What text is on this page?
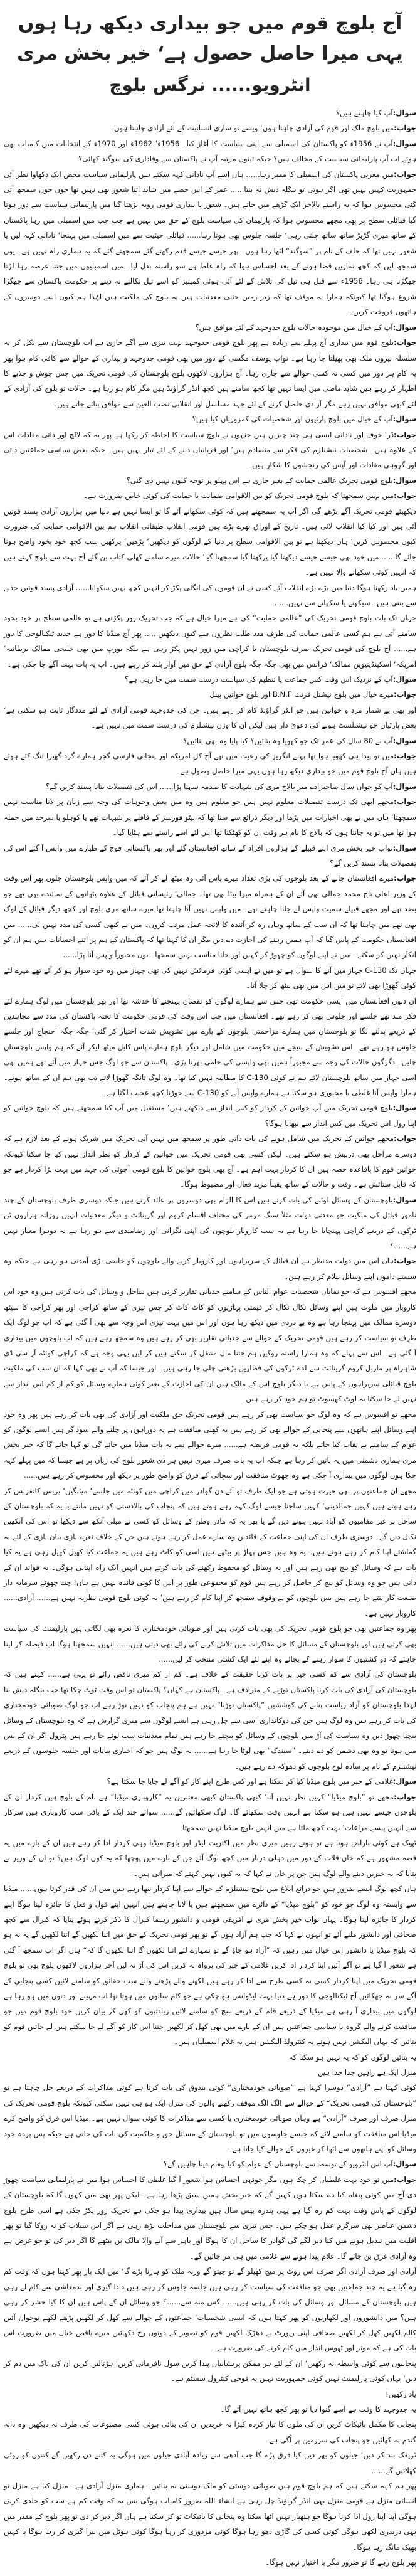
آج بلوچ قوم میں جو بیداری دیکھ رہا ہوں یہی میرا حاصل حصول ہے‘ خیر بخش مری
انٹرویو...... نرگس بلوچ

سوال:آپ کیا چاہتے ہیں؟

جواب:میں بلوچ ملک اور قوم کی آزادی چاہتا ہوں‘ ویسے تو ساری انسانیت کے لئے آزادی چاہتا ہوں۔

سوال:آپ نے 1956ء کو پاکستان کی اسمبلی سے اپنی سیاست کا آغاز کیا۔ 1956ء‘ 1962ء اور 1970ء کے انتخابات میں کامیاب بھی ہوئے اب آپ پارلیمانی سیاست کے مخالف ہیں؟ جبکہ تینوں مرتبہ آپ نے پاکستان سے وفاداری کی سوگند کھائی؟

جواب:میں مغربی پاکستان کی اسمبلی کا ممبر رہا...... ہاں اسے آپ نادانی کہہ سکتے ہیں پارلیمانی سیاست محض ایک دکھاوا نظر آئی جمہوریت کہیں نہیں تھی اگر ہوتی تو بنگلہ دیش نہ بنتا...... عمر کے اس حصے میں شاید اتنا شعور بھی نہیں تھا جوں جوں سمجھ آتی گئی محسوس ہوا کہ یہ راستے بالآخر ایک گڑھے میں جاتے ہیں۔ شعور یا بیداری قومی رویہ بڑھتا گیا میں پارلیمانی سیاست سے دور ہوتا گیا قبائلی سطح پر بھی مجھے محسوس ہوا کہ پارلیمان کی سیاست بلوچ کے حق میں نہیں ہے جب جب میں اسمبلی میں رہا پاکستان کے ساتھ میری گڑبڑ ساتھ ساتھ چلتی رہی‘ جلسہ جلوس بھی ہوتا رہا...... قبائلی حیثیت سے میں اسمبلی میں پہنچا‘ نادانی کہہ لیں یا شعور نہیں تھا کہ حلف کے نام پر ”سوگند“ اٹھا رہا ہوں۔ پھر جیسے جیسے قدم رکھتے گئے سمجھتے گئے کہ یہ ہماری راہ نہیں ہے۔ یوں سمجھ لیں کہ کچھ نمازیں قضا ہونے کے بعد احساس ہوا کہ راہ غلط ہے سو راستہ بدل لیا۔ میں اسمبلیوں میں جتنا عرصہ رہا لڑتا جھگڑتا ہی رہا۔ 1956ء سے قبل ہی تیل کی تلاش کے لئے آئی ہوئی کمپنیز کو اسے تیل نکالنے نہ دینے پر حکومت پاکستان سے جھگڑا شروع ہوگیا تھا کیونکہ ہمارا یہ موقف تھا کہ زیر زمین جتنی معدنیات ہیں یہ بلوچ کی ملکیت ہیں لہٰذا ہم کیوں اسے دوسروں کے ہاتھوں فروخت کریں۔

سوال:آپ کے خیال میں موجودہ حالات بلوچ جدوجہد کے لئے موافق ہیں؟

جواب:بلوچ قوم میں بیداری آج پہلے سے زیادہ ہے پھر بلوچ قومی جدوجہد بہت تیزی سے آگے جاری ہے اب بلوچستان سے نکل کر یہ سلسلہ بیرون ملک بھی پھیلتا جا رہا ہے۔ نواب یوسف مگسی کے دور میں بھی قومی جدوجہد و بیداری کے حوالے سے کافی کام ہوا پھر یہ کام ہر دور میں کسی نہ کسی حوالے سے جاری رہا۔ آج ہزاروں لاکھوں بلوچ بلوچستان کی قومی تحریک میں جس جوش و جذبے کا اظہار کر رہے ہیں شاید ماضی میں ایسا نہیں تھا کچھ سامنے ہیں کچھ انڈر گراؤنڈ ہیں مگر کام ہو رہا ہے۔ حالات تو بلوچ کی آزادی کے لئے کبھی موافق نہیں رہے مگر آزادی حاصل کرنے کے لئے جہد مسلسل اور انقلابی نصب العین سے موافق بنائے جاتے ہیں۔

سوال:آپ کے خیال میں بلوچ پارٹیوں اور شخصیات کی کمزوریاں کیا ہیں؟

جواب:ڈر‘ خوف اور نادانی ایسی ہی چند چیزیں ہیں جنہوں نے بلوچ سیاست کا احاطہ کر رکھا ہے پھر یہ کہ لالچ اور ذاتی مفادات اس کے علاوہ ہیں۔ شخصیات نیشنلزم کی فکر سے متصادم ہیں‘ اور قربانیاں دینے کے لئے تیار نہیں ہیں۔ جبکہ بعض سیاسی جماعتیں ذاتی اور گروہی مفادات اور آپس کی رنجشوں کا شکار ہیں۔

سوال:بلوچ قومی تحریک عالمی حمایت کے بغیر جاری ہے اس پہلو پر توجہ کیوں نہیں دی گئی؟

جواب:میں نہیں سمجھتا کہ بلوچ قومی تحریک کو بین الاقوامی ضمانت یا حمایت کی کوئی خاص ضرورت ہے۔

دیکھیئے قومی تحریک آگے بڑھے گی اگر آپ یہ سمجھتے ہیں کہ کوئی سکھانے آئے گا تو ایسا نہیں ہے دنیا میں ہزاروں آزادی پسند قوتیں آئی ہیں اور کیا کیا انقلاب لائی ہیں۔ تاریخ کے اوراق بھرے پڑے ہیں قومی انقلاب طبقاتی انقلاب ہم بین الاقوامی حمایت کی ضرورت کیوں محسوس کریں‘ ہاں دیکھنا ہے تو بین الاقوامی سطح پر دنیا کے لوگوں کو دیکھیں‘ پڑھیں‘ پرکھیں سب کچھ خود بخود واضح ہوتا جائے گا...... میں خود بھی جیسے جیسے دیکھتا گیا پرکھتا گیا سمجھتا گیا‘ حالات میرے سامنے کھلی کتاب بن گئے آج بہت سے بلوچ کہتے ہیں کہ انہیں کوئی سکھانے والا نہیں ہے۔

ہمیں یاد رکھنا ہوگا دنیا میں بڑے بڑے انقلاب آئے کسی نے ان قوموں کی انگلی پکڑ کر انہیں کچھ نہیں سکھایا...... آزادی پسند قوتیں جذبے سے بنتی ہیں۔ سیکھنے یا سکھانے سے نہیں......

جہاں تک بات بلوچ قومی تحریک کی ”عالمی حمایت“ کی ہے میرا خیال ہے کہ جب تحریک زور پکڑتی ہے تو عالمی سطح پر خود بخود سامنے آتی ہے ہم کسی عالمی حمایت کی طرف مدد طلب نظروں سے کیوں دیکھیں...... پھر آج میڈیا کا دور ہے جدید ٹیکنالوجی کا دور ہے...... آج بلوچ کی قومی تحریک صرف بلوچستان یا کراچی میں زور نہیں پکڑ رہی ہے بلکہ یورپ میں بھی خلیجی ممالک برطانیہ‘ امریکہ‘ اسکینڈینیوین ممالک‘ فرانس میں بھی جگہ جگہ بلوچ آزادی کے حق میں آواز بلند کر رہے ہیں۔ اب یہ بات بہت آگے جا چکی ہے۔

سوال:آپ کے نزدیک اس وقت کس جماعت یا تنظیم کی سیاست درست سمت میں جا رہی ہے؟

جواب:میرے خیال میں بلوچ نیشنل فرنٹ B.N.F اور بلوچ خواتین پینل

اور بھی بے شمار مرد و خواتین ہیں جو انڈر گراؤنڈ کام کر رہے ہیں۔ جن کی جدوجہد قومی آزادی کے لئے مددگار ثابت ہو سکتی ہے‘ بعض پارٹیاں جو نیشنلسٹ ہونے کی دعویٰ دار ہیں لیکن ان کا وژن نیشنلزم کی درست سمت میں نہیں ہے۔

سوال:آپ نے 80 سال کی عمر تک جو کھویا وہ بتائیں؟ کیا پایا وہ بھی بتائیں؟

جواب:میں تو پیدا ہی کھویا ہوا تھا پہلے انگریز کی رعیت میں تھے آج کل امریکہ اور پنجابی فارسی گجر ہمارے گرد گھیرا تنگ کئے ہوئے ہیں ہاں آج بلوچ قوم میں جو بیداری دیکھ رہا ہوں یہی میرا حاصل وصول ہے۔

سوال:آپ کو جواں سال صاحبزادے میر بالاچ مری کی شہادت کا صدمہ سہنا پڑا...... اس کی تفصیلات بتانا پسند کریں گے؟

جواب:مجھے ابھی تک درست تفصیلات معلوم نہیں ہیں جو معلوم ہیں وہ میں بعض وجوہات کی وجہ سے زبان پر لانا مناسب نہیں سمجھتا‘ ہاں میں نے بھی اخبارات میں پڑھا اور دیگر ذرائع سے سنا تھا کہ نیٹو فورسز کے قافلے پر شبہات تھے یا کوہلو یا سرحد میں حملہ ہوا تھا میں تو یہ جانتا ہوں کہ بالاچ کا نام ہر وقت ان کو کھٹکتا تھا اس لئے اسے راستے سے ہٹایا گیا۔

سوال:نواب خیر بخش مری اپنے قبیلے کے ہزاروں افراد کے ساتھ افغانستان گئے اور پھر پاکستانی فوج کے طیارے میں واپس آ گئے اس کی تفصیلات بتانا پسند کریں گے؟

جواب:میرے افغانستان جانے کے بعد بلوچوں کی بڑی تعداد میرے پاس آئی وہ میٹھ لے کر آئے کہ میں واپس بلوچستان چلوں پھر اس وقت کے وزیر اعلیٰ تاج محمد جمالی بھی آئے ان کے ہمراہ میرا بیٹا بھی تھا۔ جمالی‘ رئیسانی قبائل کے علاوہ پٹھانوں کے نمائندے بھی تھے جو بضد تھے اور مجھے قبیلے سمیت واپس لے جانا چاہتے تھے۔ میں واپس نہیں آنا چاہتا تھا میرے ساتھ مری بلوچ اور کچھ دیگر قبائل کے لوگ بھی تھے میں چاہتا تھا کہ ان سب کے ساتھ وہاں رہ کر آئندہ کا لائحہ عمل مرتب کروں۔ میں نے کبھی کسی کی مدد نہیں لی...... میں افغانستان حکومت کے پاس گیا کہ آپ ہمیں رہنے کی اجازت دے دیں مگر ان کا کہنا تھا کہ پاکستان کے ہم پر اتنے احسانات ہیں ہم ان کو انکار نہیں کر سکتے۔ میں نے اپنے لوگوں کو چھوڑ کر کہیں اور جانا مناسب نہیں سمجھا۔ یوں مجبوراً واپس آنا پڑا......

جہاں تک C-130 جہاز میں آنے کا سوال ہے تو میں نے ایسی کوئی فرمائش نہیں کی تھی جہاز میں وہ خود سوار ہو کر آئے تھے میرے لئے کوئی گھوڑا بھی لاتے تو میں اس میں بھی بیٹھ کر چلا آتا۔

ان دنوں افغانستان میں ایسی حکومت تھی جس سے ہمارے لوگوں کو نقصان پہنچنے کا خدشہ تھا اور پھر بلوچستان میں لوگ ہمارے لئے فکر مند تھے جلسے اور جلوس بھی کر رہے تھے۔ افغانستان میں جب اس وقت کی قومی حکومت کا تختہ پاکستان کی مدد سے مجاہدین کے ذریعے بدلنے لگا تو بلوچستان میں ہمارے مزاحمتی بلوچوں کے بارے میں تشویش شدت اختیار کر گئی‘ جگہ جگہ احتجاج اور جلسے جلوس ہو رہے تھے۔ اس تشویش کے نتیجے میں حکومت میں شامل اور دیگر بلوچ ہمارے پاس کابل میٹھ لیکر آئے کہ ہم واپس بلوچستان چلیں۔ دگرگوں حالات کی وجہ سے مجبوراً ہمیں بھی واپسی کی حامی بھرنا پڑی۔ پاکستان سے جو لوگ جس جہاز میں آئے تھے ہمیں بھی اسی جہاز میں ساتھ بلوچستان لائے ہم نے کوئی C-130 کا مطالبہ نہیں کیا تھا۔ وہ لوگ تانگہ گھوڑا لاتے تب بھی ہم ان کے ساتھ ہوتے۔ ہمارا واپس آنا غلطی یا مجبوری ہو سکتا ہے ہمارے واپس آنے کو C-130 سے جوڑنا کچھ عجیب لگتا ہے۔

سوال:بلوچ قومی تحریک میں آپ خواتین کے کردار کو کس انداز سے دیکھتے ہیں‘ مستقبل میں آپ کیا سمجھتے ہیں کہ بلوچ خواتین کو اپنا رول اس تحریک میں کس انداز سے نبھانا ہوگا؟

جواب:مجھے خواتین کے تحریک میں شامل ہونے کی بات ذاتی طور پر سمجھ میں نہیں آتی تحریک میں شریک ہونے کے بعد لازم ہے کہ دوسرے مراحل بھی درپیش ہو سکتے ہیں۔ لیکن کسی بھی قومی تحریک میں خواتین کے کردار کو نظر انداز نہیں کیا جا سکتا کیونکہ خواتین قوم کا باقاعدہ حصہ ہیں ان کا کردار بہت اہم ہے۔ آج بھی بلوچ خواتین کا بلوچ قومی آجوئی کی جہد میں بہت بڑا کردار ہے جو کہ قابل ستائش ہے۔ وقت و حالات کے ساتھ یقیناً مزید فعال اور مضبوط ہوگا۔

سوال:بلوچستان کے وسائل لوٹنے کی بات کرتے ہیں اس کا الزام بھی دوسروں پر عائد کرتے ہیں جبکہ دوسری طرف بلوچستان کے چند نامور قبائل کی ملکیت جو معدنی دولت مثلاً سنگ مرمر کی مختلف اقسام کروم اور گرینائٹ و دیگر معدنیات انہیں روزانہ ہزاروں ٹن ٹرکوں کے ذریعے کراچی پہنچایا جا رہا ہے یہ سب کاروبار بلوچوں کی اپنی نگرانی اور رضامندی سے ہو رہا ہے یہ دوہرا معیار نہیں ہے......؟

جواب:ہاں اس میں دولت مدنظر ہے ان قبائل کے سربراہوں اور کاروبار کرنے والے بلوچوں کو خاصی بڑی آمدنی ہو رہی ہے جبکہ وہ سستے داموں اپنے وسائل نیلام کر رہے ہیں۔

مجھے افسوس ہے کہ جو نمایاں شخصیات عوام الناس کے سامنے جذباتی تقاریر کرتی ہیں ساحل و وسائل کی بات کرتی ہیں وہ خود اس کاروبار میں ملوث ہیں اپنے وسائل نکال نکال کر قیمتی پہاڑیوں کو کاٹ کاٹ کر جس تیزی کے ساتھ کراچی اور پھر کراچی کا سیٹھ دوسرے ممالک میں پہنچا رہا ہے وہ بے دردی میں دیکھ رہا ہوں اور اس میں بہت تیزی اس وجہ سے بھی آ گئی ہے کہ اب جو لوگ ایک طرف تو سیاست کر رہے ہیں قومی تحریک کے حوالے سے جذباتی تقاریر بھی کر رہے ہیں وہ سمجھ رہے ہیں کہ اب بلوچوں میں بیداری آ گئی ہے۔ اس سے پہلے کہ وہ ہمارا راستہ روکیں ہم جتنا مال منتقل کر سکتے ہیں کر لیں یہی وجہ ہے کہ کراچی کوئٹہ آر سی ڈی شاہراہ پر ماربل کروم گرینائٹ سے لدے ٹرکوں کی قطاریں بڑھتی چلی جا رہی ہیں۔ اور جیسا کہ آپ نے بھی کہا کہ ان سب کی ملکیت بلوچ قبائلی سربراہوں کے پاس ہے یا دیگر بلوچ اس کے مالک ہیں ان کی اجازت کے بغیر کوئی ہمارے وسائل کو کم از کم اس انداز سے نہیں لے جا سکتا یہ لوٹ کھسوٹ تو ہم خود کر رہے ہیں۔

مجھے تو افسوس ہے کہ وہ لوگ جو سیاست بھی کر رہے ہیں قومی تحریک حق ملکیت اور آزادی کی بھی بات کر رہے ہیں پھر وہ خود اپنے وسائل اپنے ہاتھوں سے پنجابی کے حوالے بھی کر رہے ہیں یہ کھلی منافقت ہے یہ دوراہوں پر چلنے والے سوداگر ہیں ایسے لوگوں کو عوام کے سامنے بے نقاب کیا جائے بلکہ یہ قومی فریضہ ہے...... میرے حوالے سے یہ بات میڈیا میں جائے گی تو کہا جائے گا کہ خیر بخش مری ہماری دشمنی میں یہ باتیں کر رہا ہے جبکہ اب یہ بات صرف میری نہیں ہر ذی شعور بلوچ کی زبان پر ہے جیسا کہ میں پہلے کہہ چکا ہوں لوگوں میں بیداری آ چکی ہے وہ جھوٹ منافقت اور سچائی کے فرق کو واضح طور پر دیکھ اور محسوس کر رہے ہیں......

مجھے ان جماعتوں پر بھی حیرت ہوتی ہے جو ایک طرف تو آئے دن گوادر میں کراچی میں کوئٹہ میں جلسے‘ میٹنگیں‘ پریس کانفرنس کر رہے ہوتے ہیں کہیں جمالدینی‘ کہیں ساجنا جیسے لوگ کہہ رہے ہوتے ہیں کہ پنجاب کی بالادستی کو نہیں مانتے یا یہ کہ بلوچستان کے ساحل پر غیر مقامیوں کو آباد نہیں ہونے دیں گے یا پھر یہ کہ مادر وطن کے وسائل کو کسی نے میلی آنکھ سے دیکھا تو اس کی آنکھیں نکال دیں گے۔ دوسری طرف ان کی اپنی جماعت کے قائدین وہ سارے عمل کر رہے ہوتے ہیں جن کے خلاف نعرے بازی بیان بازی کے لئے یہ گماشتے اپنا کام کر رہے ہوتے ہیں۔ یہ وہ ہیں جس پہاڑ پر بیٹھے ہیں اسی کو کاٹ رہے ہیں یہ جماعت کیا کھیل کھیل رہی ہے یہ کیا بات ہے کہ وسائل کو بیچ بھی رہے ہیں اور یہ وسائل کو محفوظ رکھنے کی بات کرتے ہیں انہیں ایک راہ اپنانی ہوگی۔ یہ فوائد ان کے ذاتی ہیں جو وہ وسائل کو بیچ کر حاصل کر رہے ہیں قوم کو مجموعی طور پر اس کا کوئی فائدہ نہیں ہے ہاں! چند چھوٹے سرمایہ دار صنعت کار بنتے جا رہے ہیں بس بلوچوں کو بے وقوف سمجھ کر اپنا کام کر رہے ہیں‘ یہ کوئی بلوچ قومی نظریہ نہیں ہے...... آزادی...... کاروبار نہیں ہے۔

پھر وہ جماعتیں بھی جو بلوچ قومی تحریک کی بھی بات کرتی ہیں اور صوبائی خودمختاری کا نعرہ بھی لگاتی ہیں پارلیمنٹ کی سیاست بھی کرتی ہیں اور بلوچستان کے مسائل کا حل مذاکرات میں تلاش کرنے کی رائے بھی دیتی ہیں...... انہیں سمجھنا ہوگا اب فیصلہ کر لینا چاہئے کہ دو کشتیوں کا سوار رہنے کے بجائے وہ اپنے لئے ایک کشتی منتخب کر لیں......

بلوچستان کی آزادی سے کم کسی چیز پر بات کرنا حقیقت کے خلاف ہے۔ کم از کم میری ناقص رائے تو یہی ہے...... کہتے ہیں کہ بلوچستان کی آزادی کی بات کرنا پاکستان توڑنے کے مترادف ہے۔ پاکستان ہے کہاں؟ پاکستان تو اس وقت ٹوٹ چکا تھا جب بنگلہ دیش بنا لہٰذا بلوچستان کو آزاد ریاست بنانے کی کوششیں ”پاکستان توڑنا“ نہیں ہے ہم پنجاب کو نہیں توڑ رہے اب جو لوگ صوبائی خودمختاری کی بات کر رہے ہیں وہ لوگ ہیں جن کی دوکانداری اسی سے چل رہی ہے ایسے لوگوں سے میری گزارش ہے کہ وہ بلوچستان کے وسائل بیچنا چھوڑ دیں وہ سیاست کی آڑ میں بلوچوں کے وسائل کو بیچتے جا رہے ہیں تمام معدنیات سب لوٹے جا رہے ہیں پٹرول اگر ان کے بس میں ہوتا تو وہ بھی دشمن کو دے دیتے۔ ”سیندک“ بھی لوٹا جا رہا ہے...... یہ لوگ ہیں جو کہ اخباری بیانات اور جلسہ جلوسوں کے ذریعے نیشنلزم کے نام پر سادہ لوح بلوچوں کو دھوکہ دے رہے ہیں۔

سوال:غلامی کے جبر میں بلوچ میڈیا کیا کر سکتا ہے اور کس طرح اپنے کاز کو آگے لے جایا جا سکتا ہے؟

جواب:مجھے تو ”بلوچ میڈیا“ کہیں نظر نہیں آتا‘ کبھی پاکستان کبھی معتبرین یہ ”کاروباری میڈیا“ ہے نام کے بلوچ ہیں کردار ان کے بلوچوں جیسے نہیں ہیں ہو سکتا ہے انہیں وقت سکھائے گا۔ لوگ سکھائیں گے...... سوائے چند ایک کے باقی سب کاروباری ہیں سرکار سے انہیں پیسے مراعات‘ بہت کچھ ملتا ہے میں انہیں بلوچ میڈیا نہیں سمجھتا

ٹھیک ہے کوئی ناراض ہوتا ہے تو ہوتے رہیں میری نظر میں اکثریت لیڈر اور بلوچ میڈیا وہی کردار ادا کر رہے ہیں ان کے بارے میں یہ قصہ مشہور ہے کہ خان قلات کے دور میں دہلی دربار میں کچھ لوگ آئے جن کے بارے میں پوچھا کہ یہ کون لوگ ہیں؟ تو ان کے وزیر نے بتایا کہ یہ خبریں دینے والے لوگ ہیں جن پر خان نے کہا کہ یہ کیوں نہیں کہتے کہ میراثی ہیں۔

ہاں کچھ لوگ ایسے ضرور ہیں جو ذرائع ابلاغ میں بلوچ نیشنلزم کے حوالے سے اپنا کردار نبھا رہے ہیں میں ان کی قدر کرتا ہوں...... میڈیا سے وابستہ وہ لوگ جو خود کو ”بلوچ میڈیا“ کے دائرے میں سمجھتے ہیں یا لانا چاہتے ہیں انہیں اپنے قول و فعل کا جائزہ لینا ہوگا اپنے کردار کا جائزہ لینا ہوگا۔ یہاں نواب خیر بخش مری نے افریقی قومی و دانشور رہنما کبرال کا ذکر کرتے ہوئے بتایا کہ کبرال سے کچھ صحافی اور دانشور ملنے آئے تو انہوں نے کہا کہ جب ہم آزاد ہوں گے تو پھر قومی تحریک کے حق میں اتنا لکھیں گے اتنا لکھیں گے یہ نہ ہو کہ بلوچ میڈیا یا دانشور اس خیال میں رہیں کہ ”آزاد ہو جاؤ گے تو تمہارے لئے اتنا لکھوں گا اتنا لکھوں گا کہ“ ہاں اگر اب سمجھ آ گئی ہے شعور آ گیا ہے تو آگے آئیں اپنا کردار ادا کریں غلامی کے جبر کی پرواہ نہ کریں اس کی آڑ نہ لیں آخر ہزاروں لاکھوں بلوچ بھی تو بلوچ قومی تحریک میں اپنا کردار کسی نہ کسی طرح سے ادا کر رہے ہیں لکھنے والے پڑھنے والے سب حقائق کو سامنے لائیں کسی پنجابی کے آگے سر نہ جھکائیں آج ٹیکنالوجی کا دور ہے دنیا بہت ایڈوانس ہو چکی ہے جو کام سالوں میں ہوتا تھا اب مہینے اور دنوں میں ہو رہا ہے لوگوں میں بیداری آ رہی ہے میڈیا کے ذریعے قلم کے ذریعے سچ کو سامنے لائیں زیادتیوں کو کھل کر بیان کریں خود بلوچ قوم میں جو منافقت کرنے والے گروہ یا سیاسی جماعتیں ہیں ان کے بارے میں بھی کھل کر لکھیں جتنا اس کاز کو آگے لے جا سکتے ہیں لے جائیں قوم کو بتائیں کہ یہاں الیکشن نہیں ہوتے یہ کنٹرولڈ الیکشن ہیں یہ غلام اسمبلیاں ہیں۔

یہ بتائیں لوگوں کو کہ یہ نہیں ہو سکتا کہ

منزل ایک ہے راہیں جدا جدا ہیں

کوئی کہتا ہے ”آزادی“ دوسرا کہتا ہے ”صوبائی خودمختاری“ کوئی بندوق کی بات کرتا ہے کوئی مذاکرات کے ذریعے حل چاہتا ہے تو ”بلوچستان کی قومی تحریک“ کے حوالے سے الگ الگ موقف رکھنے والوں کی منزل ایک ہو ہی نہیں سکتی کیونکہ بلوچ قومی تحریک کی منزل صرف اور صرف ”آزادی“ ہے وہاں صوبائی خودمختاری یا کسی سے مذاکرات کا کوئی سوال نہیں ہے۔ میڈیا اس فرق کو واضح کرے میڈیا اس منافقت کو سامنے لائے کہ جلسے جلوسوں میں تو بلوچستان کے مسائل حق و حاکمیت کی بات کی جاتی ہے جبکہ پس پردہ خود وسائل کو اپنے ہاتھوں سے اٹھا کر غیروں کے حوالے کیا جاتا ہے۔

سوال:آپ اس انٹرویو کے توسط سے بلوچستان کے عوام کو کیا پیغام دینا چاہیں گے؟

جواب:میں تو خود بہت غلطیاں کر چکا ہوں مگر جونہی احساس ہوا شعور آ گیا غلطی کا احساس ہوا میں نے پارلیمانی سیاست چھوڑ دی آج میں کوئی پیغام کیا دے سکتا ہوں کہیں گے کہ خیر بخش ہمیں سبق پڑھا رہا ہے۔ لیکن پھر بھی میں کہوں گا کہ بلوچستان کے لوگوں کے پاس وقت بہت کم رہ گیا ہے یہی پندرہ بیس سال ہیں بیداری پیدا ہو چکی ہے تحریک زور پکڑ چکی ہے اسی طرح بلوچ دشمن عناصر بھی سرگرم عمل ہو چکے ہیں۔ جس تیزی سے بلوچستان میں مداخلت بڑھ رہی ہے اگر اس سیلاب کو نہ روکا گیا تو پھر اقلیت میں تبدیل ہونے میں کیا دیر لگے گی گوادر کا ساحل ان کا ہوگا اور باہر سے آنے والا مالک بن بیٹھے گا اگر دیر کی تو جو غرض ہے وہ آزادی غرق بن جائے گا۔ غلام پیدا ہونے سے غلامی میں ہی مر جائیں گے۔

آزادی اور صرف آزادی اگر صرف اس روٹ پر میچ کھیلو گے تو جیتو گے ورنہ ملک کو ہارنا پڑے گا‘ میں ایک بار پھر کہتا ہوں کہ وقت کم رہ گیا ہے یہ چند جماعتیں بھی جو منافقت کی سیاست کر رہی ہیں جلسہ جلوس کر رہی ہیں دادا گیری اور بدمعاشی سے کام لے رہی ہیں بلوچستان کے مسائل اور وسائل کی بات کر رہی ہیں...... کس منہ سے......؟ جو وسائل ان کے پاس ہیں ان کا کیا حشر کر رہی ہیں؟ میں دانشوروں اور لکھاریوں کو پھر کہتا ہوں کہ ایسی شخصیات‘ جماعتوں کے حوالے سے کھل کر لکھیں پڑھے لکھے نوجوان آئیں کالم لکھیں کھل کر لکھیں صحافی اپنی رپورٹ بے دھڑک لکھیں قوم کو تصویر کے دونوں رخ دکھائیں میرے ناقص خیال میں ضرورت اس بات کی ہے کہ موثر اور ٹھوس انداز میں کام کرنے کی ضرورت ہے۔

پنجابیوں سے کوئی واسطہ نہ رکھیں‘ ان کے لئے ہر ممکن پریشانیاں پیدا کریں سول نافرمانی کریں‘ ہڑتالیں کریں ان کی ناک میں دم کر دیں‘ یہاں کوئی پارلیمنٹ نہیں کوئی جمہوریت نہیں یہ فوجی کنٹرول سسٹم ہے۔

یاد رکھیں!

یہ جدوجہد کا وقت ہے اسے گنوا دیا تو پھر کچھ ہاتھ نہیں آئے گا۔

پنجابی کا مکمل بائیکاٹ کریں ان کی ملوں کا تیار کردہ کپڑا نہ خریدیں ان کی بنائی ہوئی کسی مصنوعات کی طرف نہ دیکھیں وہ دانہ گندم نہ کھائیں جو پنجاب کی سرزمین پر اُگی ہے۔

ٹریفک بند کر دیں‘ جیلوں کو بھر دیں کیا فرق پڑے گا جب آدھی سے زیادہ آبادی جیلوں میں ہوگی یہ کتنے دن رکھیں گے کتنوں کو روٹی کھلائیں گے......

پھر ہم کہہ سکتے ہیں کہ ہم بلوچ قوم ہیں صوبائی دوستی کو ملک دوستی نہ بنائیں۔ ہماری منزل آزادی ہے۔ منزل کیا ہے منزل تو انسانی منزل ہے قومی منزل بھی انڈر گراؤنڈ چل رہی ہے انشاء اللہ ضرور کامیاب ہوگی بس یہ کہ وقت کم ہے سب کو جلدی کرنی ہوگی اپنا اپنا رول ادا کرنا ہوگا جو ہتھیار نہیں اٹھا سکتا وہ پنجابی کا بائیکاٹ تو کر سکتا ہے ہاں اگر دیر کر دی تو پھر بلوچ کے مقدر میں یہی دربدری لکھی ہوگی کوئی کسی کی گاڑی دھو رہا ہوگا کوئی مزدوری کر رہا ہوگا کوئی ہوٹل میں بیرا گیری کر رہا ہوگا یا کہیں بھیک مانگ رہا ہوگا۔

پھر بلوچ رہے گا تو ضرور مگر با اختیار نہیں ہوگا۔
